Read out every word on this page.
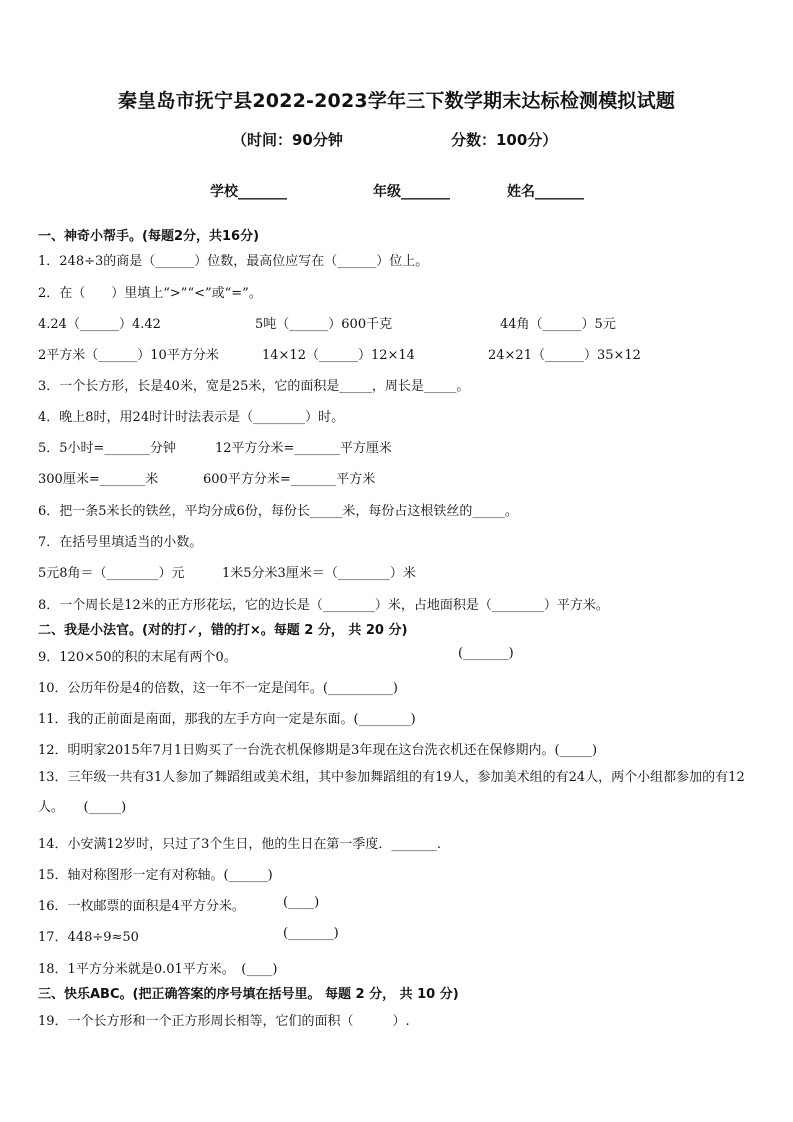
秦皇岛市抚宁县2022-2023学年三下数学期末达标检测模拟试题
（时间：90分钟	分数：100分）
学校_______	年级_______	姓名_______
一、神奇小帮手。(每题2分，共16分)
1．248÷3的商是（______）位数，最高位应写在（______）位上。
2．在（　　）里填上“>”“<”或“=”。
4.24（______）4.42	5吨（______）600千克	44角（______）5元
2平方米（______）10平方分米	14×12（______）12×14	24×21（______）35×12
3．一个长方形，长是40米，宽是25米，它的面积是_____，周长是_____。
4．晚上8时，用24时计时法表示是（________）时。
5．5小时=_______分钟	12平方分米=_______平方厘米
300厘米=_______米	600平方分米=_______平方米
6．把一条5米长的铁丝，平均分成6份，每份长_____米，每份占这根铁丝的_____。
7．在括号里填适当的小数。
5元8角＝（________）元	1米5分米3厘米＝（________）米
8．一个周长是12米的正方形花坛，它的边长是（________）米，占地面积是（________）平方米。
二、我是小法官。(对的打✓，错的打×。每题 2 分， 共 20 分)
9．120×50的积的末尾有两个0。	(_______)
10．公历年份是4的倍数，这一年不一定是闰年。(__________)
11．我的正前面是南面，那我的左手方向一定是东面。(________)
12．明明家2015年7月1日购买了一台洗衣机保修期是3年现在这台洗衣机还在保修期内。(_____)
13．三年级一共有31人参加了舞蹈组或美术组，其中参加舞蹈组的有19人，参加美术组的有24人，两个小组都参加的有12人。　　(_____)
14．小安满12岁时，只过了3个生日，他的生日在第一季度．_______.
15．轴对称图形一定有对称轴。(______)
16．一枚邮票的面积是4平方分米。	(____)
17．448÷9≈50	(_______)
18．1平方分米就是0.01平方米。　(____)
三、快乐ABC。(把正确答案的序号填在括号里。 每题 2 分， 共 10 分)
19．一个长方形和一个正方形周长相等，它们的面积（　　　）.
